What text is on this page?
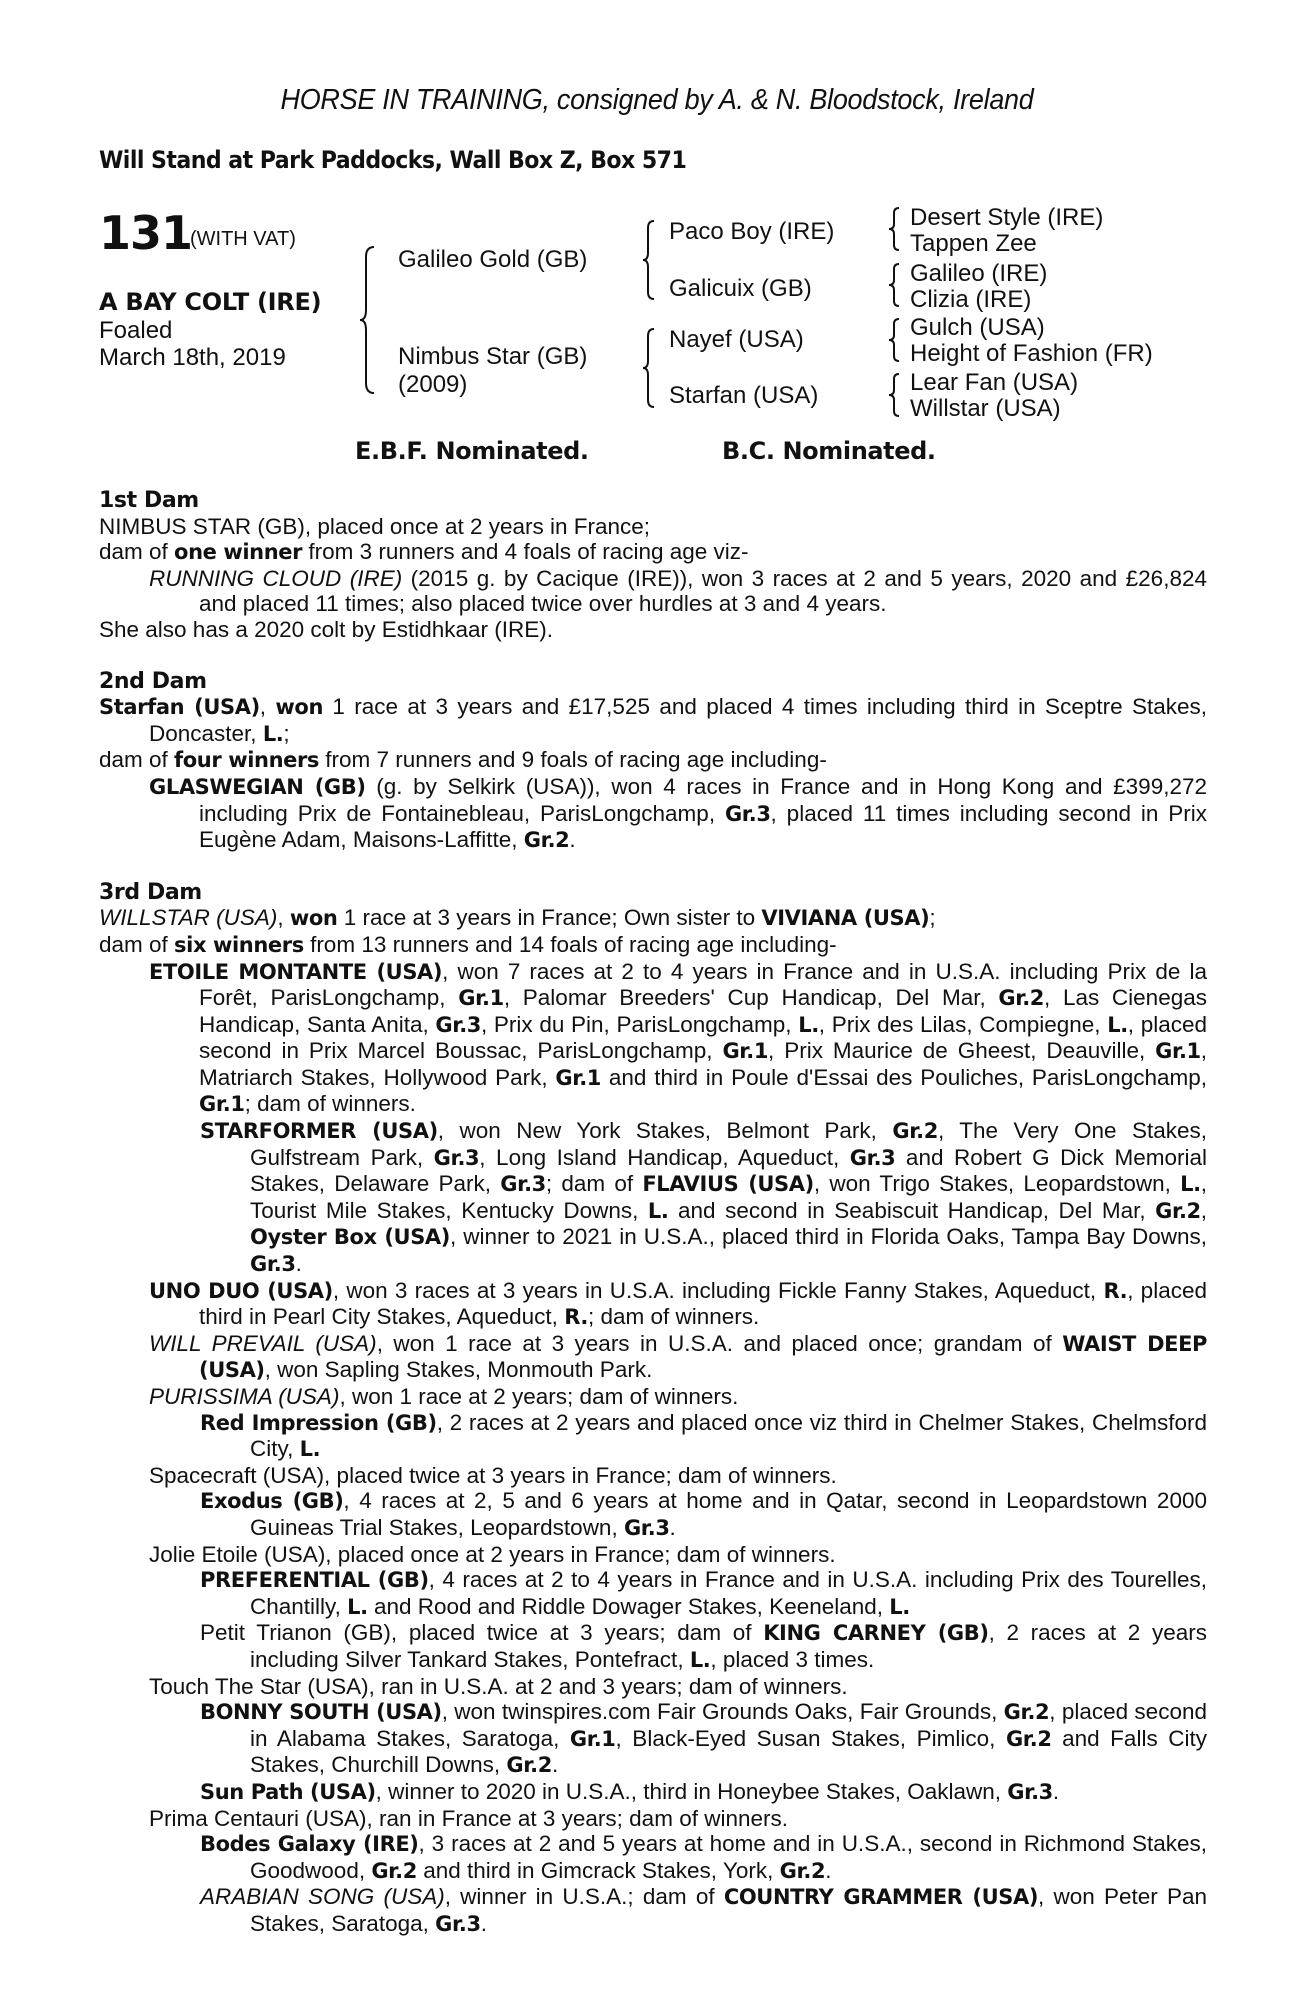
HORSE IN TRAINING, consigned by A. & N. Bloodstock, Ireland
Will Stand at Park Paddocks, Wall Box Z, Box 571
131
(WITH VAT)
A BAY COLT (IRE)
Foaled
March 18th, 2019
Galileo Gold (GB)
Nimbus Star (GB)
(2009)
Paco Boy (IRE)
Galicuix (GB)
Nayef (USA)
Starfan (USA)
Desert Style (IRE)
Tappen Zee
Galileo (IRE)
Clizia (IRE)
Gulch (USA)
Height of Fashion (FR)
Lear Fan (USA)
Willstar (USA)
E.B.F. Nominated.	B.C. Nominated.
1st Dam
NIMBUS STAR (GB), placed once at 2 years in France;
dam of one winner from 3 runners and 4 foals of racing age viz-
RUNNING CLOUD (IRE) (2015 g. by Cacique (IRE)), won 3 races at 2 and 5 years, 2020 and £26,824 and placed 11 times; also placed twice over hurdles at 3 and 4 years.
She also has a 2020 colt by Estidhkaar (IRE).
2nd Dam
Starfan (USA), won 1 race at 3 years and £17,525 and placed 4 times including third in Sceptre Stakes, Doncaster, L.;
dam of four winners from 7 runners and 9 foals of racing age including-
GLASWEGIAN (GB) (g. by Selkirk (USA)), won 4 races in France and in Hong Kong and £399,272 including Prix de Fontainebleau, ParisLongchamp, Gr.3, placed 11 times including second in Prix Eugène Adam, Maisons-Laffitte, Gr.2.
3rd Dam
WILLSTAR (USA), won 1 race at 3 years in France; Own sister to VIVIANA (USA);
dam of six winners from 13 runners and 14 foals of racing age including-
ETOILE MONTANTE (USA), won 7 races at 2 to 4 years in France and in U.S.A. including Prix de la Forêt, ParisLongchamp, Gr.1, Palomar Breeders' Cup Handicap, Del Mar, Gr.2, Las Cienegas Handicap, Santa Anita, Gr.3, Prix du Pin, ParisLongchamp, L., Prix des Lilas, Compiegne, L., placed second in Prix Marcel Boussac, ParisLongchamp, Gr.1, Prix Maurice de Gheest, Deauville, Gr.1, Matriarch Stakes, Hollywood Park, Gr.1 and third in Poule d'Essai des Pouliches, ParisLongchamp, Gr.1; dam of winners.
STARFORMER (USA), won New York Stakes, Belmont Park, Gr.2, The Very One Stakes, Gulfstream Park, Gr.3, Long Island Handicap, Aqueduct, Gr.3 and Robert G Dick Memorial Stakes, Delaware Park, Gr.3; dam of FLAVIUS (USA), won Trigo Stakes, Leopardstown, L., Tourist Mile Stakes, Kentucky Downs, L. and second in Seabiscuit Handicap, Del Mar, Gr.2, Oyster Box (USA), winner to 2021 in U.S.A., placed third in Florida Oaks, Tampa Bay Downs, Gr.3.
UNO DUO (USA), won 3 races at 3 years in U.S.A. including Fickle Fanny Stakes, Aqueduct, R., placed third in Pearl City Stakes, Aqueduct, R.; dam of winners.
WILL PREVAIL (USA), won 1 race at 3 years in U.S.A. and placed once; grandam of WAIST DEEP (USA), won Sapling Stakes, Monmouth Park.
PURISSIMA (USA), won 1 race at 2 years; dam of winners.
Red Impression (GB), 2 races at 2 years and placed once viz third in Chelmer Stakes, Chelmsford City, L.
Spacecraft (USA), placed twice at 3 years in France; dam of winners.
Exodus (GB), 4 races at 2, 5 and 6 years at home and in Qatar, second in Leopardstown 2000 Guineas Trial Stakes, Leopardstown, Gr.3.
Jolie Etoile (USA), placed once at 2 years in France; dam of winners.
PREFERENTIAL (GB), 4 races at 2 to 4 years in France and in U.S.A. including Prix des Tourelles, Chantilly, L. and Rood and Riddle Dowager Stakes, Keeneland, L.
Petit Trianon (GB), placed twice at 3 years; dam of KING CARNEY (GB), 2 races at 2 years including Silver Tankard Stakes, Pontefract, L., placed 3 times.
Touch The Star (USA), ran in U.S.A. at 2 and 3 years; dam of winners.
BONNY SOUTH (USA), won twinspires.com Fair Grounds Oaks, Fair Grounds, Gr.2, placed second in Alabama Stakes, Saratoga, Gr.1, Black-Eyed Susan Stakes, Pimlico, Gr.2 and Falls City Stakes, Churchill Downs, Gr.2.
Sun Path (USA), winner to 2020 in U.S.A., third in Honeybee Stakes, Oaklawn, Gr.3.
Prima Centauri (USA), ran in France at 3 years; dam of winners.
Bodes Galaxy (IRE), 3 races at 2 and 5 years at home and in U.S.A., second in Richmond Stakes, Goodwood, Gr.2 and third in Gimcrack Stakes, York, Gr.2.
ARABIAN SONG (USA), winner in U.S.A.; dam of COUNTRY GRAMMER (USA), won Peter Pan Stakes, Saratoga, Gr.3.
